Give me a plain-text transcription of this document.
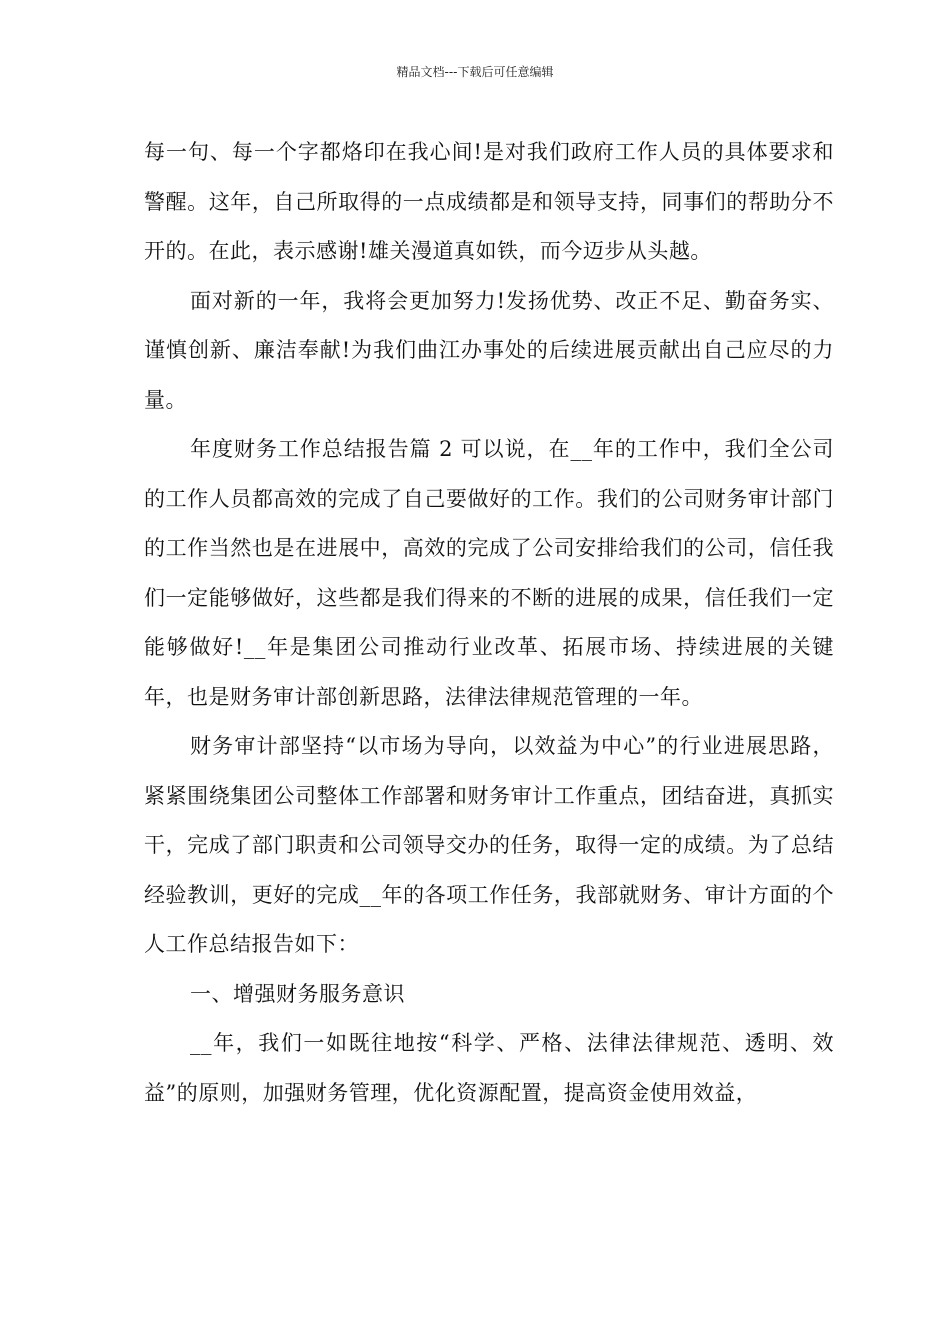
精品文档---下载后可任意编辑

每一句、每一个字都烙印在我心间!是对我们政府工作人员的具体要求和警醒。这年，自己所取得的一点成绩都是和领导支持，同事们的帮助分不开的。在此，表示感谢!雄关漫道真如铁，而今迈步从头越。

面对新的一年，我将会更加努力!发扬优势、改正不足、勤奋务实、谨慎创新、廉洁奉献!为我们曲江办事处的后续进展贡献出自己应尽的力量。

年度财务工作总结报告篇 2 可以说，在__年的工作中，我们全公司的工作人员都高效的完成了自己要做好的工作。我们的公司财务审计部门的工作当然也是在进展中，高效的完成了公司安排给我们的公司，信任我们一定能够做好，这些都是我们得来的不断的进展的成果，信任我们一定能够做好!__年是集团公司推动行业改革、拓展市场、持续进展的关键年，也是财务审计部创新思路，法律法律规范管理的一年。

财务审计部坚持“以市场为导向，以效益为中心”的行业进展思路，紧紧围绕集团公司整体工作部署和财务审计工作重点，团结奋进，真抓实干，完成了部门职责和公司领导交办的任务，取得一定的成绩。为了总结经验教训，更好的完成__年的各项工作任务，我部就财务、审计方面的个人工作总结报告如下：

一、增强财务服务意识

__年，我们一如既往地按“科学、严格、法律法律规范、透明、效益”的原则，加强财务管理，优化资源配置，提高资金使用效益，
